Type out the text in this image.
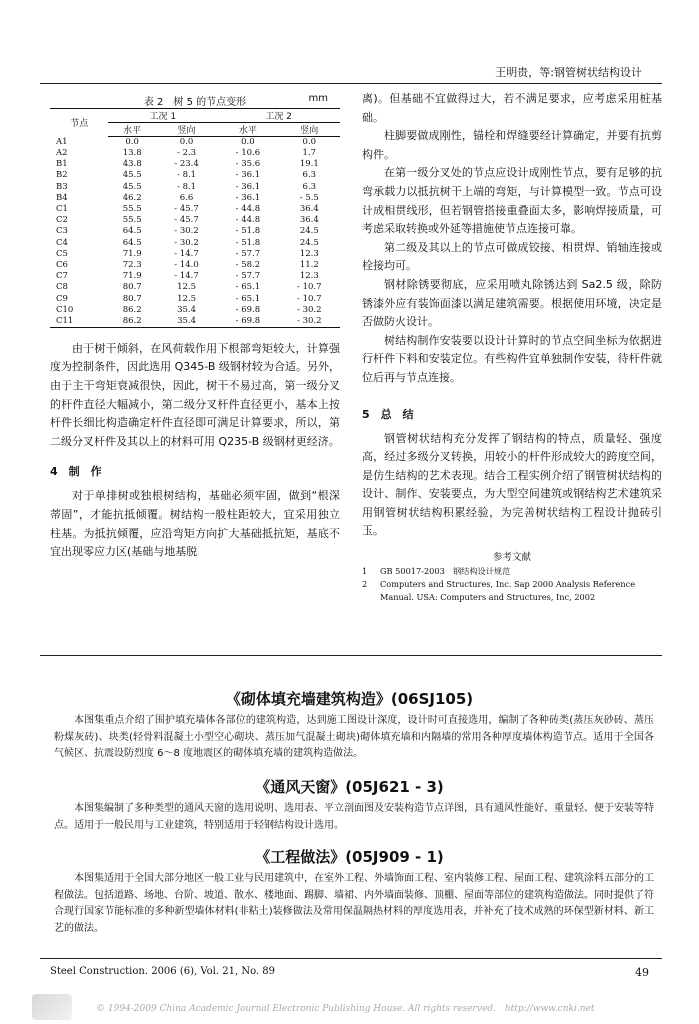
王明贵，等:钢管树状结构设计
表 2　树 5 的节点变形	mm
节点	工况 1		工况 2	
	水平	竖向	水平	竖向
A1	0.0	0.0	0.0	0.0
A2	13.8	- 2.3	- 10.6	1.7
B1	43.8	- 23.4	- 35.6	19.1
B2	45.5	- 8.1	- 36.1	6.3
B3	45.5	- 8.1	- 36.1	6.3
B4	46.2	6.6	- 36.1	- 5.5
C1	55.5	- 45.7	- 44.8	36.4
C2	55.5	- 45.7	- 44.8	36.4
C3	64.5	- 30.2	- 51.8	24.5
C4	64.5	- 30.2	- 51.8	24.5
C5	71.9	- 14.7	- 57.7	12.3
C6	72.3	- 14.0	- 58.2	11.2
C7	71.9	- 14.7	- 57.7	12.3
C8	80.7	12.5	- 65.1	- 10.7
C9	80.7	12.5	- 65.1	- 10.7
C10	86.2	35.4	- 69.8	- 30.2
C11	86.2	35.4	- 69.8	- 30.2

由于树干倾斜，在风荷载作用下根部弯矩较大，计算强度为控制条件，因此选用 Q345-B 级钢材较为合适。另外，由于主干弯矩衰减很快，因此，树干不易过高，第一级分叉的杆件直径大幅减小，第二级分叉杆件直径更小，基本上按杆件长细比构造确定杆件直径即可满足计算要求，所以，第二级分叉杆件及其以上的材料可用 Q235-B 级钢材更经济。

4　制　作

对于单排树或独根树结构，基础必须牢固，做到“根深蒂固”，才能抗抵倾覆。树结构一般柱距较大，宜采用独立柱基。为抵抗倾覆，应沿弯矩方向扩大基础抵抗矩，基底不宜出现零应力区(基础与地基脱

离)。但基础不宜做得过大，若不满足要求，应考虑采用桩基础。

柱脚要做成刚性，锚栓和焊缝要经计算确定，并要有抗剪构件。

在第一级分叉处的节点应设计成刚性节点，要有足够的抗弯承载力以抵抗树干上端的弯矩，与计算模型一致。节点可设计成相贯线形，但若钢管搭接重叠面太多，影响焊接质量，可考虑采取转换或外延等措施使节点连接可靠。

第二级及其以上的节点可做成铰接、相贯焊、销轴连接或栓接均可。

钢材除锈要彻底，应采用喷丸除锈达到 Sa2.5 级，除防锈漆外应有装饰面漆以满足建筑需要。根据使用环境，决定是否做防火设计。

树结构制作安装要以设计计算时的节点空间坐标为依据进行杆件下料和安装定位。有些构件宜单独制作安装，待杆件就位后再与节点连接。

5　总　结

钢管树状结构充分发挥了钢结构的特点，质量轻、强度高，经过多级分叉转换，用较小的杆件形成较大的跨度空间，是仿生结构的艺术表现。结合工程实例介绍了钢管树状结构的设计、制作、安装要点，为大型空间建筑或钢结构艺术建筑采用钢管树状结构积累经验，为完善树状结构工程设计抛砖引玉。

参考文献
1	GB 50017-2003　钢结构设计规范
2	Computers and Structures, Inc. Sap 2000 Analysis Reference Manual. USA: Computers and Structures, Inc, 2002
《砌体填充墙建筑构造》(06SJ105)

本图集重点介绍了围护填充墙体各部位的建筑构造，达到施工图设计深度，设计时可直接选用，编制了各种砖类(蒸压灰砂砖、蒸压粉煤灰砖)、块类(轻骨料混凝土小型空心砌块、蒸压加气混凝土砌块)砌体填充墙和内隔墙的常用各种厚度墙体构造节点。适用于全国各气候区、抗震设防烈度 6～8 度地震区的砌体填充墙的建筑构造做法。

《通风天窗》(05J621 - 3)

本图集编制了多种类型的通风天窗的选用说明、选用表、平立剖面图及安装构造节点详图，具有通风性能好、重量轻、便于安装等特点。适用于一般民用与工业建筑，特别适用于轻钢结构设计选用。

《工程做法》(05J909 - 1)

本图集适用于全国大部分地区一般工业与民用建筑中，在室外工程、外墙饰面工程、室内装修工程、屋面工程、建筑涂料五部分的工程做法。包括道路、场地、台阶、坡道、散水、楼地面、踢脚、墙裙、内外墙面装修、顶棚、屋面等部位的建筑构造做法。同时提供了符合现行国家节能标准的多种新型墙体材料(非粘土)装修做法及常用保温隔热材料的厚度选用表，并补充了技术成熟的环保型新材料、新工艺的做法。

Steel Construction. 2006 (6), Vol. 21, No. 89	49
© 1994-2009 China Academic Journal Electronic Publishing House. All rights reserved.　http://www.cnki.net
